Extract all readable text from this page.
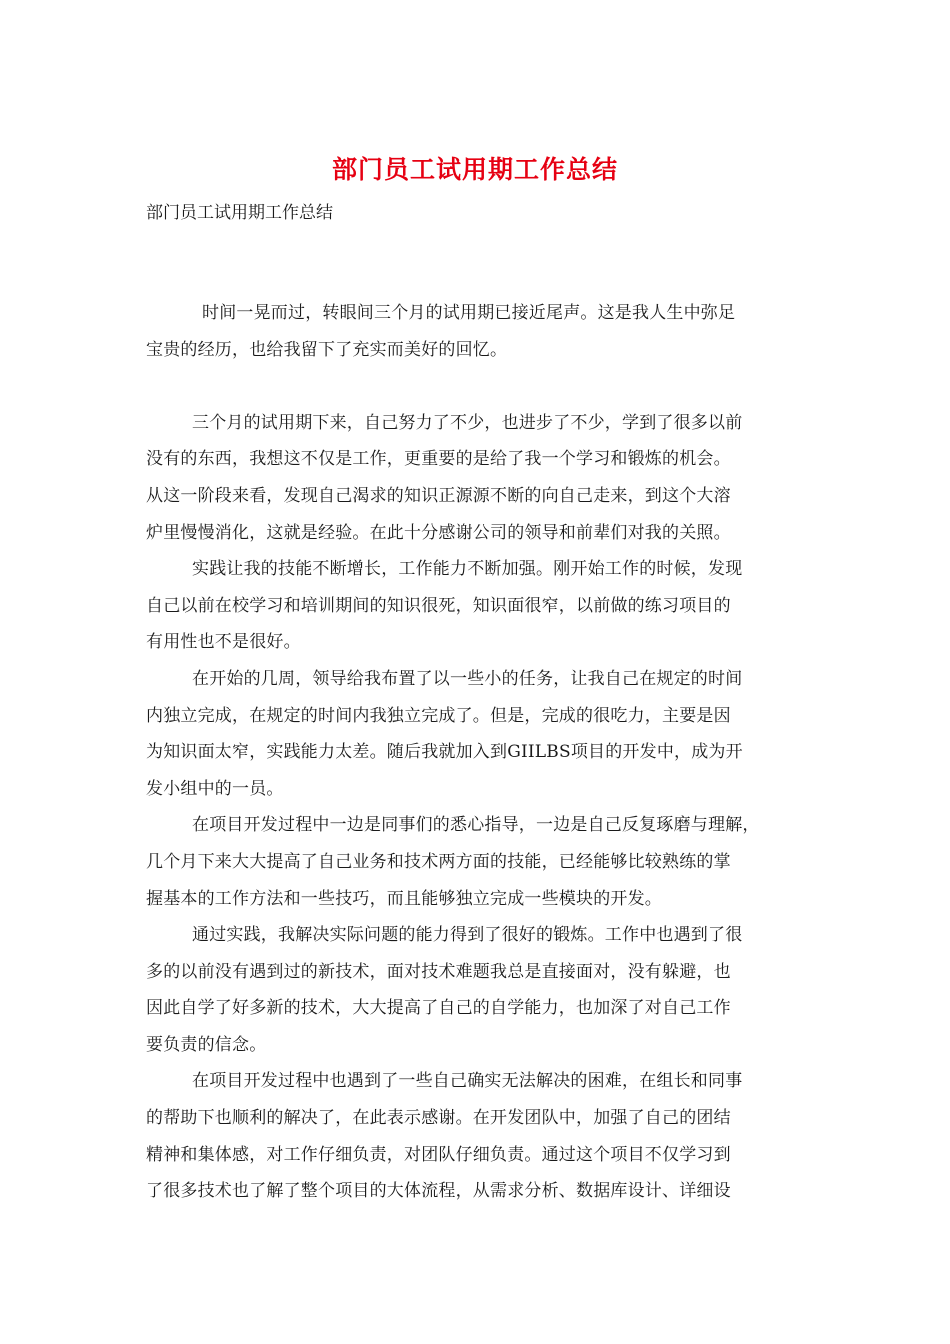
部门员工试用期工作总结

部门员工试用期工作总结

时间一晃而过，转眼间三个月的试用期已接近尾声。这是我人生中弥足
宝贵的经历，也给我留下了充实而美好的回忆。
三个月的试用期下来，自己努力了不少，也进步了不少，学到了很多以前
没有的东西，我想这不仅是工作，更重要的是给了我一个学习和锻炼的机会。
从这一阶段来看，发现自己渴求的知识正源源不断的向自己走来，到这个大溶
炉里慢慢消化，这就是经验。在此十分感谢公司的领导和前辈们对我的关照。
实践让我的技能不断增长，工作能力不断加强。刚开始工作的时候，发现
自己以前在校学习和培训期间的知识很死，知识面很窄，以前做的练习项目的
有用性也不是很好。
在开始的几周，领导给我布置了以一些小的任务，让我自己在规定的时间
内独立完成，在规定的时间内我独立完成了。但是，完成的很吃力，主要是因
为知识面太窄，实践能力太差。随后我就加入到GIILBS项目的开发中，成为开
发小组中的一员。
在项目开发过程中一边是同事们的悉心指导，一边是自己反复琢磨与理解，
几个月下来大大提高了自己业务和技术两方面的技能，已经能够比较熟练的掌
握基本的工作方法和一些技巧，而且能够独立完成一些模块的开发。
通过实践，我解决实际问题的能力得到了很好的锻炼。工作中也遇到了很
多的以前没有遇到过的新技术，面对技术难题我总是直接面对，没有躲避，也
因此自学了好多新的技术，大大提高了自己的自学能力，也加深了对自己工作
要负责的信念。
在项目开发过程中也遇到了一些自己确实无法解决的困难，在组长和同事
的帮助下也顺利的解决了，在此表示感谢。在开发团队中，加强了自己的团结
精神和集体感，对工作仔细负责，对团队仔细负责。通过这个项目不仅学习到
了很多技术也了解了整个项目的大体流程，从需求分析、数据库设计、详细设
